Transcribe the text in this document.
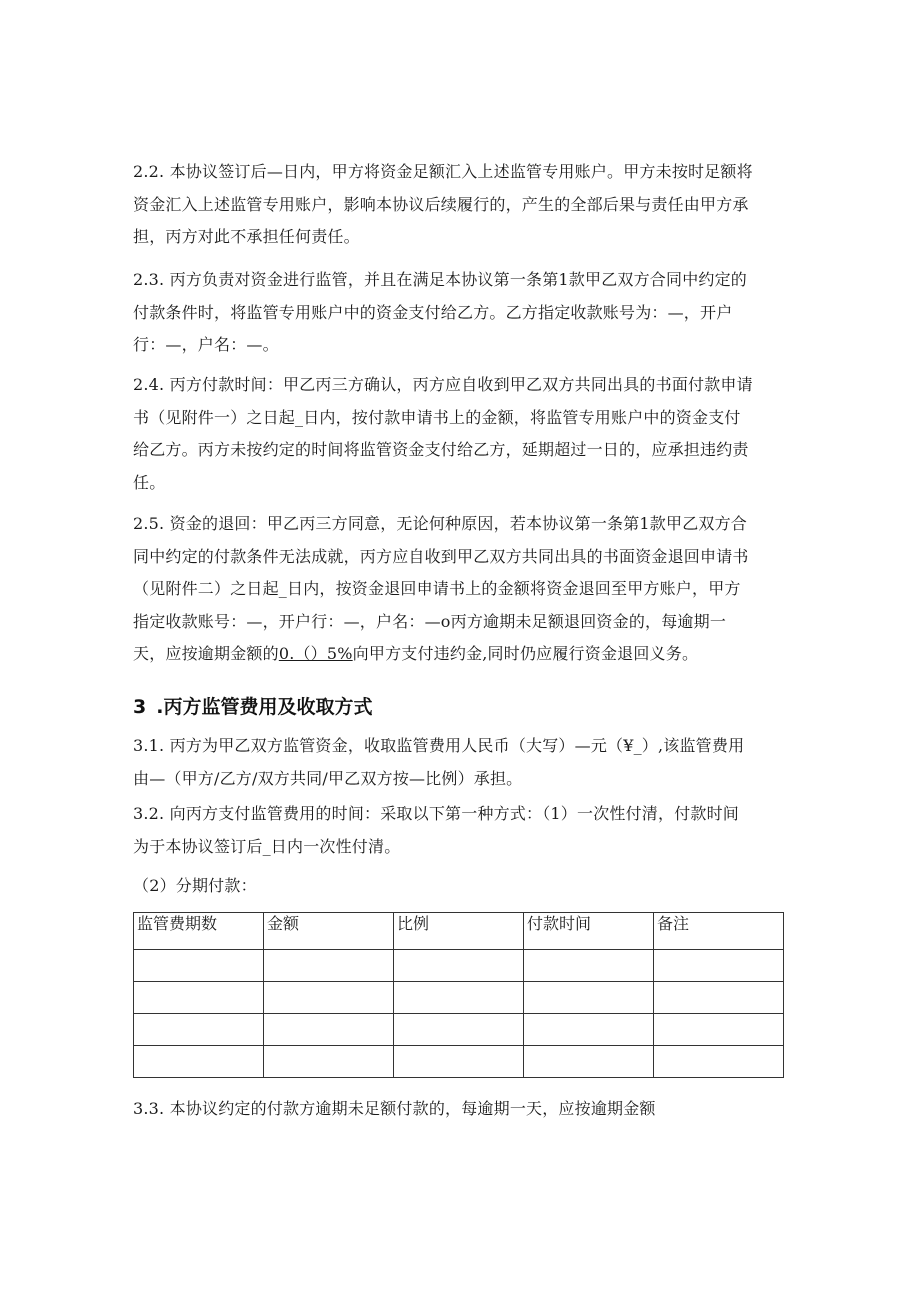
2.2. 本协议签订后—日内，甲方将资金足额汇入上述监管专用账户。甲方未按时足额将
资金汇入上述监管专用账户，影响本协议后续履行的，产生的全部后果与责任由甲方承
担，丙方对此不承担任何责任。

2.3. 丙方负责对资金进行监管，并且在满足本协议第一条第1款甲乙双方合同中约定的
付款条件时，将监管专用账户中的资金支付给乙方。乙方指定收款账号为：—，开户
行：—，户名：—。

2.4. 丙方付款时间：甲乙丙三方确认，丙方应自收到甲乙双方共同出具的书面付款申请
书（见附件一）之日起_日内，按付款申请书上的金额，将监管专用账户中的资金支付
给乙方。丙方未按约定的时间将监管资金支付给乙方，延期超过一日的，应承担违约责
任。

2.5. 资金的退回：甲乙丙三方同意，无论何种原因，若本协议第一条第1款甲乙双方合
同中约定的付款条件无法成就，丙方应自收到甲乙双方共同出具的书面资金退回申请书
（见附件二）之日起_日内，按资金退回申请书上的金额将资金退回至甲方账户，甲方
指定收款账号：—，开户行：—，户名：—o丙方逾期未足额退回资金的，每逾期一
天，应按逾期金额的0.（）5%向甲方支付违约金,同时仍应履行资金退回义务。

3 .丙方监管费用及收取方式

3.1. 丙方为甲乙双方监管资金，收取监管费用人民币（大写）—元（¥_）,该监管费用
由—（甲方/乙方/双方共同/甲乙双方按—比例）承担。

3.2. 向丙方支付监管费用的时间：采取以下第一种方式：（1）一次性付清，付款时间
为于本协议签订后_日内一次性付清。

（2）分期付款：

监管费期数	金额	比例	付款时间	备注

3.3. 本协议约定的付款方逾期未足额付款的，每逾期一天，应按逾期金额
